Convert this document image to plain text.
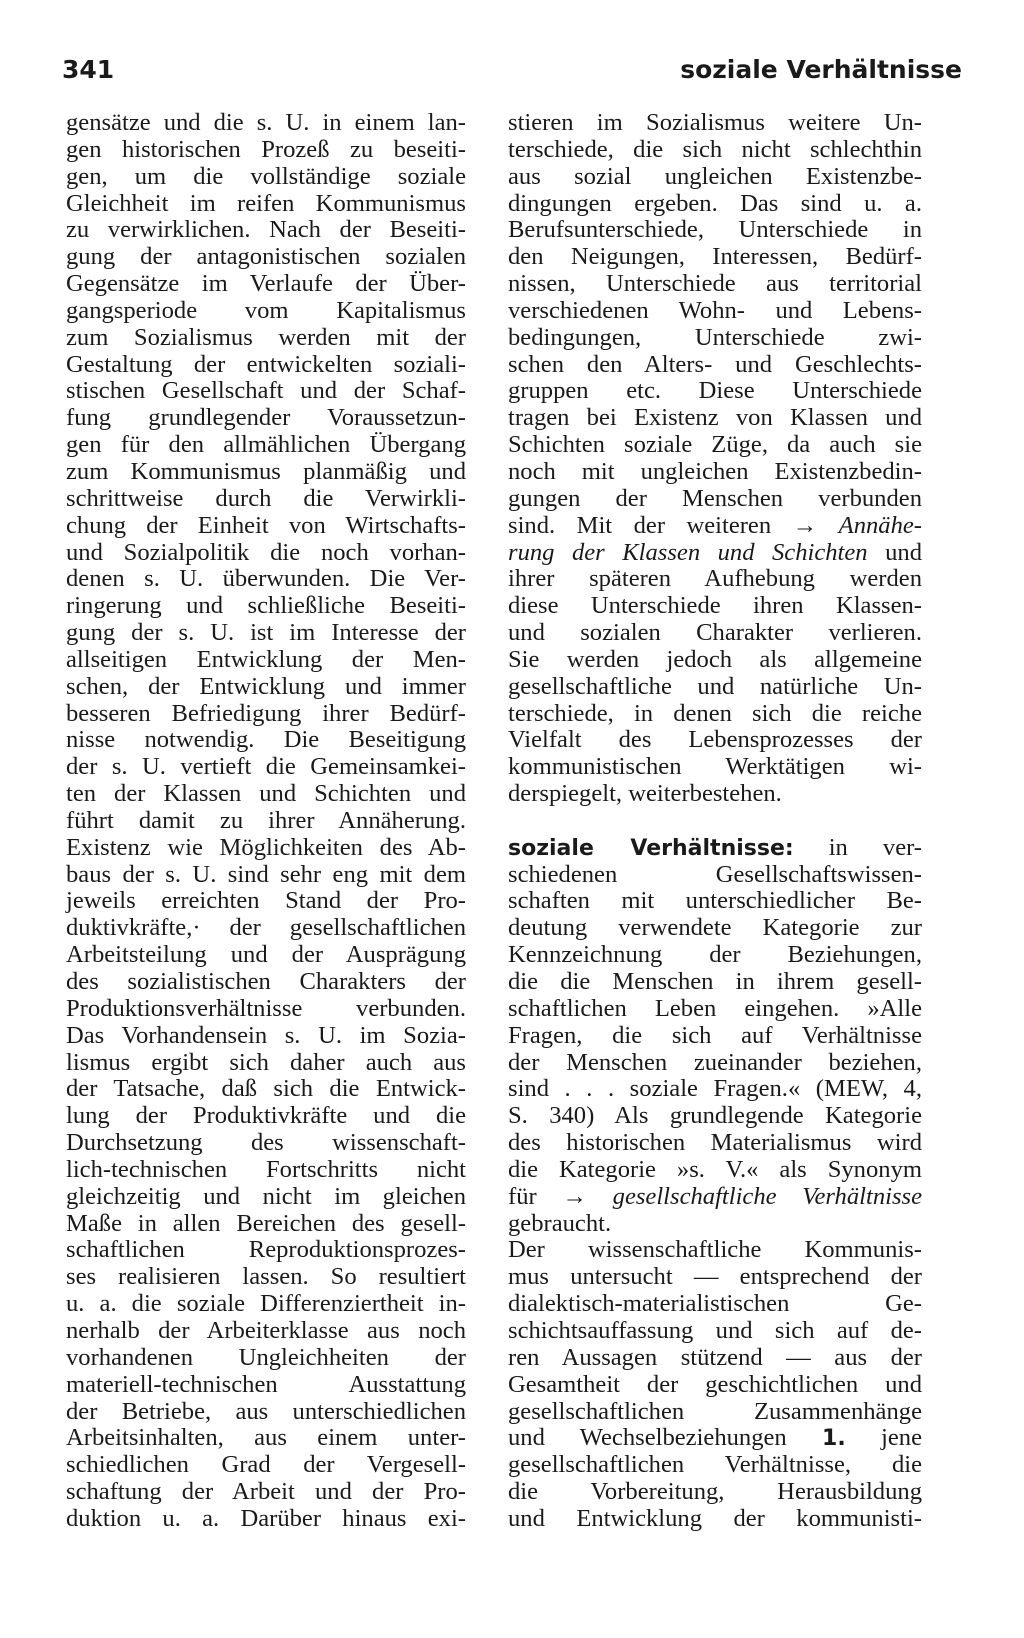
341	soziale Verhältnisse
gensätze und die s. U. in einem lan-
gen historischen Prozeß zu beseiti-
gen, um die vollständige soziale
Gleichheit im reifen Kommunismus
zu verwirklichen. Nach der Beseiti-
gung der antagonistischen sozialen
Gegensätze im Verlaufe der Über-
gangsperiode vom Kapitalismus
zum Sozialismus werden mit der
Gestaltung der entwickelten soziali-
stischen Gesellschaft und der Schaf-
fung grundlegender Voraussetzun-
gen für den allmählichen Übergang
zum Kommunismus planmäßig und
schrittweise durch die Verwirkli-
chung der Einheit von Wirtschafts-
und Sozialpolitik die noch vorhan-
denen s. U. überwunden. Die Ver-
ringerung und schließliche Beseiti-
gung der s. U. ist im Interesse der
allseitigen Entwicklung der Men-
schen, der Entwicklung und immer
besseren Befriedigung ihrer Bedürf-
nisse notwendig. Die Beseitigung
der s. U. vertieft die Gemeinsamkei-
ten der Klassen und Schichten und
führt damit zu ihrer Annäherung.
Existenz wie Möglichkeiten des Ab-
baus der s. U. sind sehr eng mit dem
jeweils erreichten Stand der Pro-
duktivkräfte,· der gesellschaftlichen
Arbeitsteilung und der Ausprägung
des sozialistischen Charakters der
Produktionsverhältnisse verbunden.
Das Vorhandensein s. U. im Sozia-
lismus ergibt sich daher auch aus
der Tatsache, daß sich die Entwick-
lung der Produktivkräfte und die
Durchsetzung des wissenschaft-
lich-technischen Fortschritts nicht
gleichzeitig und nicht im gleichen
Maße in allen Bereichen des gesell-
schaftlichen Reproduktionsprozes-
ses realisieren lassen. So resultiert
u. a. die soziale Differenziertheit in-
nerhalb der Arbeiterklasse aus noch
vorhandenen Ungleichheiten der
materiell-technischen Ausstattung
der Betriebe, aus unterschiedlichen
Arbeitsinhalten, aus einem unter-
schiedlichen Grad der Vergesell-
schaftung der Arbeit und der Pro-
duktion u. a. Darüber hinaus exi-
stieren im Sozialismus weitere Un-
terschiede, die sich nicht schlechthin
aus sozial ungleichen Existenzbe-
dingungen ergeben. Das sind u. a.
Berufsunterschiede, Unterschiede in
den Neigungen, Interessen, Bedürf-
nissen, Unterschiede aus territorial
verschiedenen Wohn- und Lebens-
bedingungen, Unterschiede zwi-
schen den Alters- und Geschlechts-
gruppen etc. Diese Unterschiede
tragen bei Existenz von Klassen und
Schichten soziale Züge, da auch sie
noch mit ungleichen Existenzbedin-
gungen der Menschen verbunden
sind. Mit der weiteren → Annähe-
rung der Klassen und Schichten und
ihrer späteren Aufhebung werden
diese Unterschiede ihren Klassen-
und sozialen Charakter verlieren.
Sie werden jedoch als allgemeine
gesellschaftliche und natürliche Un-
terschiede, in denen sich die reiche
Vielfalt des Lebensprozesses der
kommunistischen Werktätigen wi-
derspiegelt, weiterbestehen.
soziale Verhältnisse: in ver-
schiedenen Gesellschaftswissen-
schaften mit unterschiedlicher Be-
deutung verwendete Kategorie zur
Kennzeichnung der Beziehungen,
die die Menschen in ihrem gesell-
schaftlichen Leben eingehen. »Alle
Fragen, die sich auf Verhältnisse
der Menschen zueinander beziehen,
sind . . . soziale Fragen.« (MEW, 4,
S. 340) Als grundlegende Kategorie
des historischen Materialismus wird
die Kategorie »s. V.« als Synonym
für → gesellschaftliche Verhältnisse
gebraucht.
Der wissenschaftliche Kommunis-
mus untersucht — entsprechend der
dialektisch-materialistischen Ge-
schichtsauffassung und sich auf de-
ren Aussagen stützend — aus der
Gesamtheit der geschichtlichen und
gesellschaftlichen Zusammenhänge
und Wechselbeziehungen 1. jene
gesellschaftlichen Verhältnisse, die
die Vorbereitung, Herausbildung
und Entwicklung der kommunisti-
